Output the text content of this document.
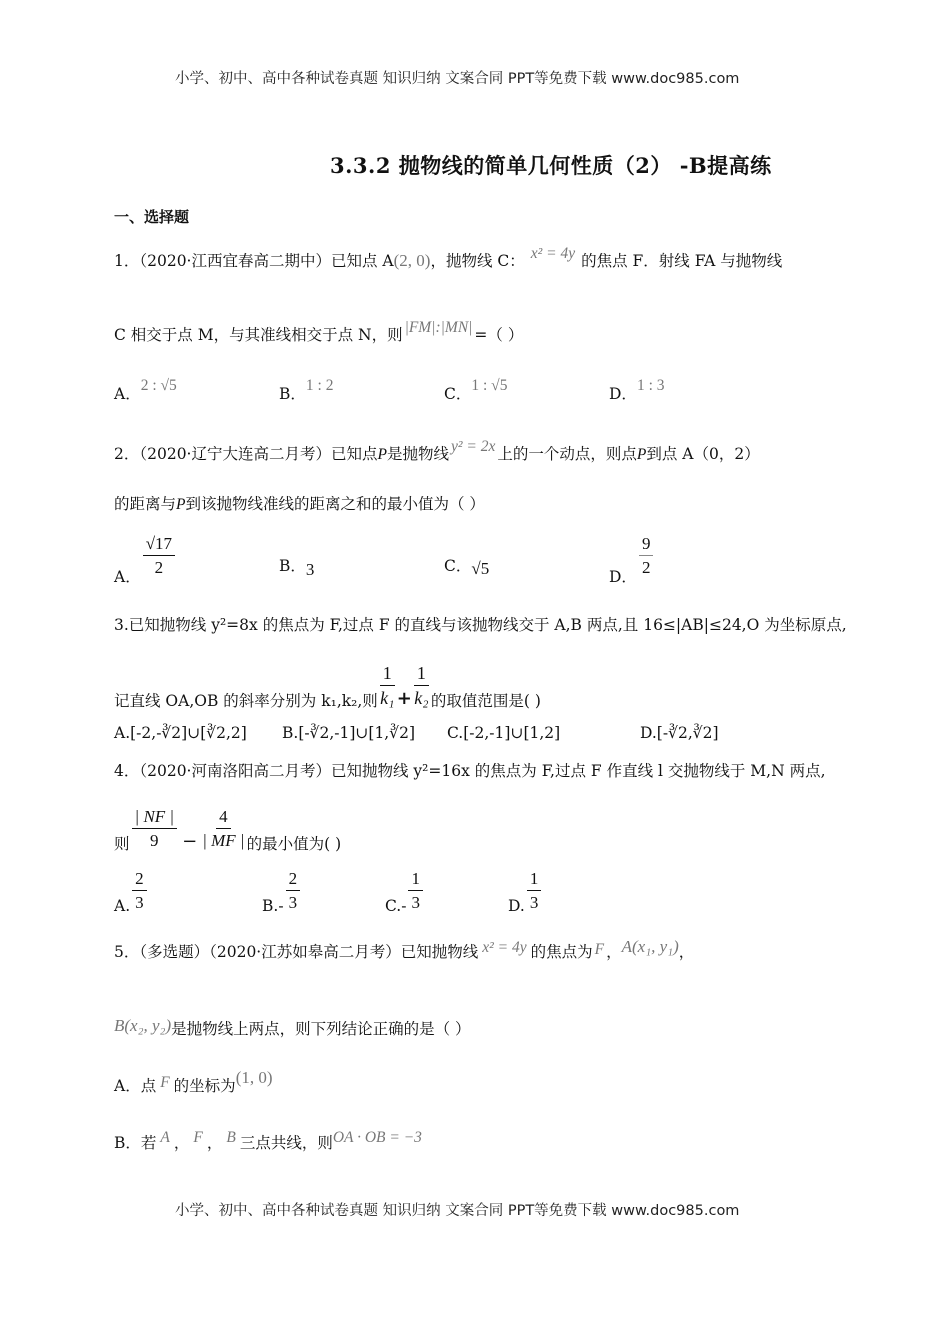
小学、初中、高中各种试卷真题 知识归纳 文案合同 PPT等免费下载 www.doc985.com
3.3.2 抛物线的简单几何性质（2） -B提高练
一、选择题
1．（2020·江西宜春高二期中）已知点 A(2, 0)，抛物线 C： x² = 4y 的焦点 F．射线 FA 与抛物线
C 相交于点 M，与其准线相交于点 N，则 |FM|:|MN| =（ ）
A．2 : √5	B．1 : 2	C．1 : √5	D．1 : 3
2．（2020·辽宁大连高二月考）已知点P是抛物线 y² = 2x 上的一个动点，则点P到点 A（0，2）
的距离与P到该抛物线准线的距离之和的最小值为（ ）
A．
$\frac{√17}{2}$	B．3	C．√5	D．
$\frac{9}{2}$
3.已知抛物线 y²=8x 的焦点为 F,过点 F 的直线与该抛物线交于 A,B 两点,且 16≤|AB|≤24,O 为坐标原点,
记直线 OA,OB 的斜率分别为 k₁,k₂,则 $\frac{1}{\text{k₁}} + \frac{1}{\text{k₂}}$ 的取值范围是( )
A.[-2,-∛2]∪[∛2,2] B.[-∛2,-1]∪[1,∛2] C.[-2,-1]∪[1,2]	D.[-∛2,∛2]
4．（2020·河南洛阳高二月考）已知抛物线 y²=16x 的焦点为 F,过点 F 作直线 l 交抛物线于 M,N 两点,
则 $\frac{| NF |}{9} - \frac{4}{| MF |}$ 的最小值为( )
A. $\frac{2}{3}$	$B.- \frac{2}{3}$	$C.- \frac{1}{3}$	D. $\frac{1}{3}$
5．（多选题）（2020·江苏如皋高二月考）已知抛物线 x² = 4y 的焦点为 F ，A(x₁, y₁)，
B(x₂, y₂)是抛物线上两点，则下列结论正确的是（ ）
A．点 F 的坐标为(1, 0)
B．若 A ， F ， B 三点共线，则OA · OB = −3
小学、初中、高中各种试卷真题 知识归纳 文案合同 PPT等免费下载 www.doc985.com
